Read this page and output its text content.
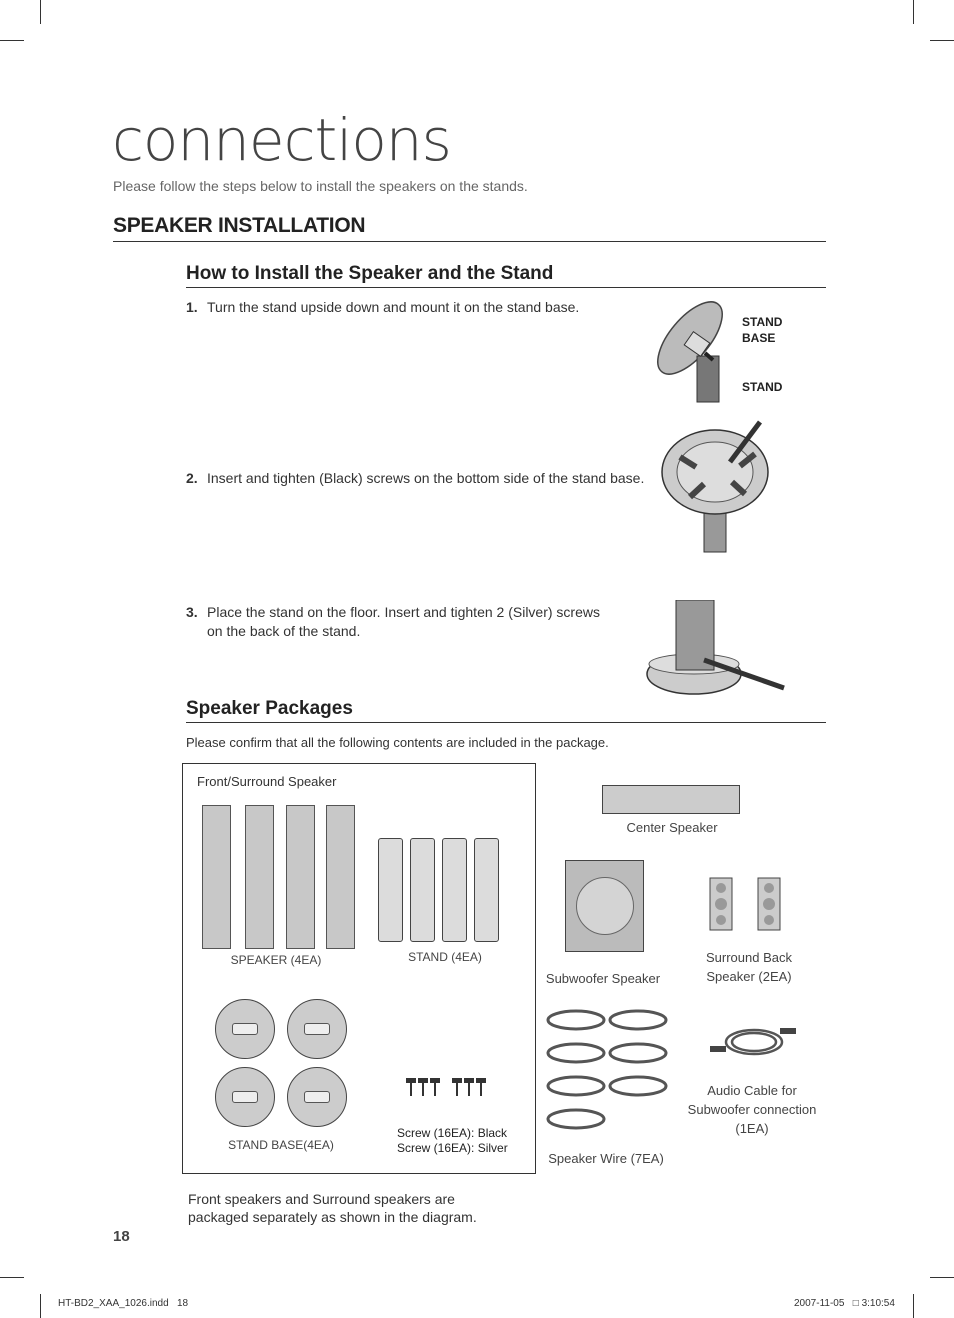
connections
Please follow the steps below to install the speakers on the stands.
SPEAKER INSTALLATION
How to Install the Speaker and the Stand
1. Turn the stand upside down and mount it on the stand base.
2. Insert and tighten (Black) screws on the bottom side of the stand base.
3. Place the stand on the floor. Insert and tighten 2 (Silver) screws on the back of the stand.
STAND BASE
STAND
Speaker Packages
Please confirm that all the following contents are included in the package.
Front/Surround Speaker
SPEAKER (4EA)	STAND (4EA)
STAND BASE(4EA)
Screw (16EA): Black
Screw (16EA): Silver
Center Speaker
Subwoofer Speaker
Surround Back Speaker (2EA)
Speaker Wire (7EA)
Audio Cable for Subwoofer connection (1EA)
Front speakers and Surround speakers are packaged separately as shown in the diagram.
18
HT-BD2_XAA_1026.indd   18	2007-11-05   □ 3:10:54
